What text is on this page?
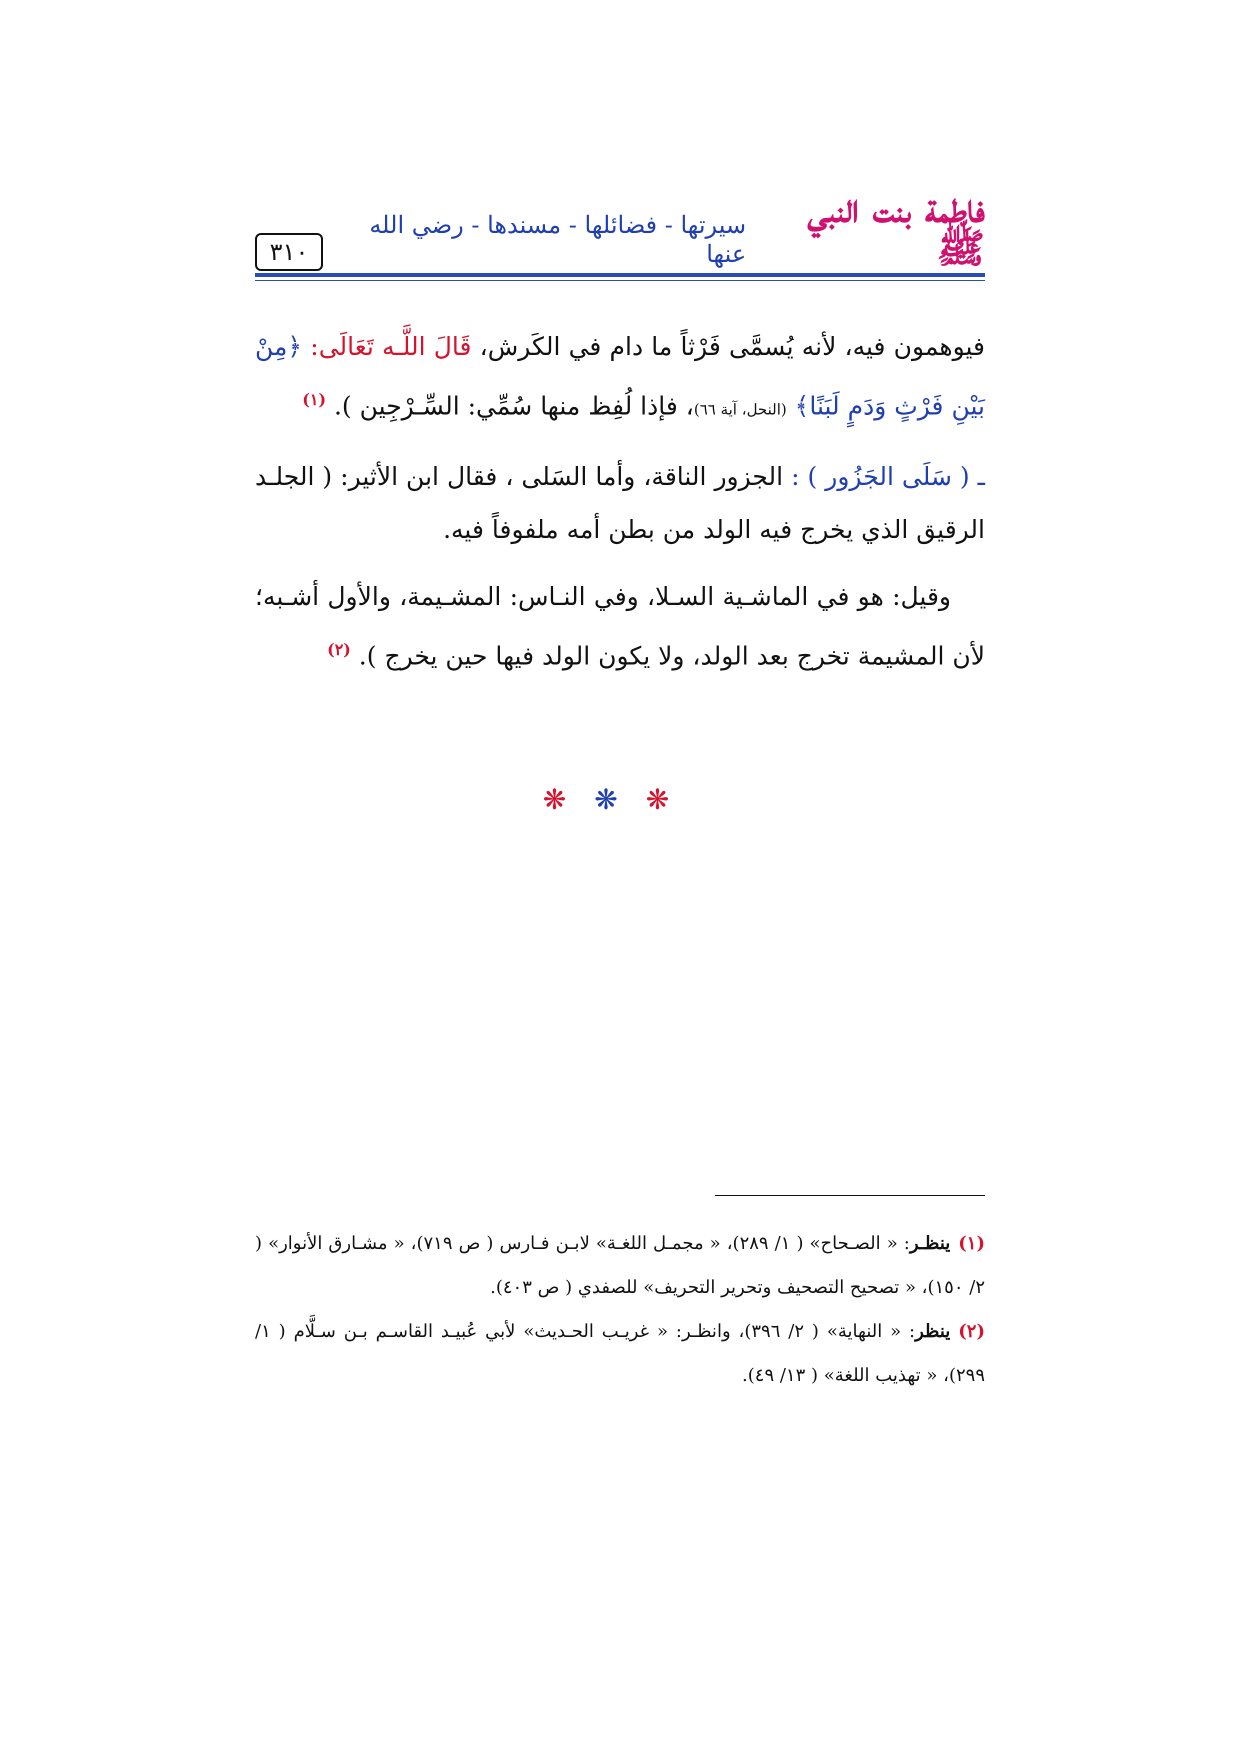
٣١٠
فاطمة بنت النبي ﷺ
سيرتها - فضائلها - مسندها - رضي الله عنها

فيوهمون فيه، لأنه يُسمَّى فَرْثاً ما دام في الكَرش، قَالَ اللَّـه تَعَالَى: ﴿مِنْ بَيْنِ فَرْثٍ وَدَمٍ لَبَنًا﴾ (النحل، آية ٦٦)، فإذا لُفِظ منها سُمِّي: السِّـرْجِين ). $^{(١)}$

ـ ( سَلَى الجَزُور ) : الجزور الناقة، وأما السَلى ، فقال ابن الأثير: ( الجلـد الرقيق الذي يخرج فيه الولد من بطن أمه ملفوفاً فيه.

وقيل: هو في الماشـية السـلا، وفي النـاس: المشـيمة، والأول أشـبه؛ لأن المشيمة تخرج بعد الولد، ولا يكون الولد فيها حين يخرج ). $^{(٢)}$

❋❋❋

(١)ينظـر: « الصـحاح» ( ١/ ٢٨٩)، « مجمـل اللغـة» لابـن فـارس ( ص ٧١٩)، « مشـارق الأنوار» ( ٢/ ١٥٠)، « تصحيح التصحيف وتحرير التحريف» للصفدي ( ص ٤٠٣).

(٢)ينظر: « النهاية» ( ٢/ ٣٩٦)، وانظـر: « غريـب الحـديث» لأبي عُبيـد القاسـم بـن سـلَّام ( ١/ ٢٩٩)، « تهذيب اللغة» ( ١٣/ ٤٩).
